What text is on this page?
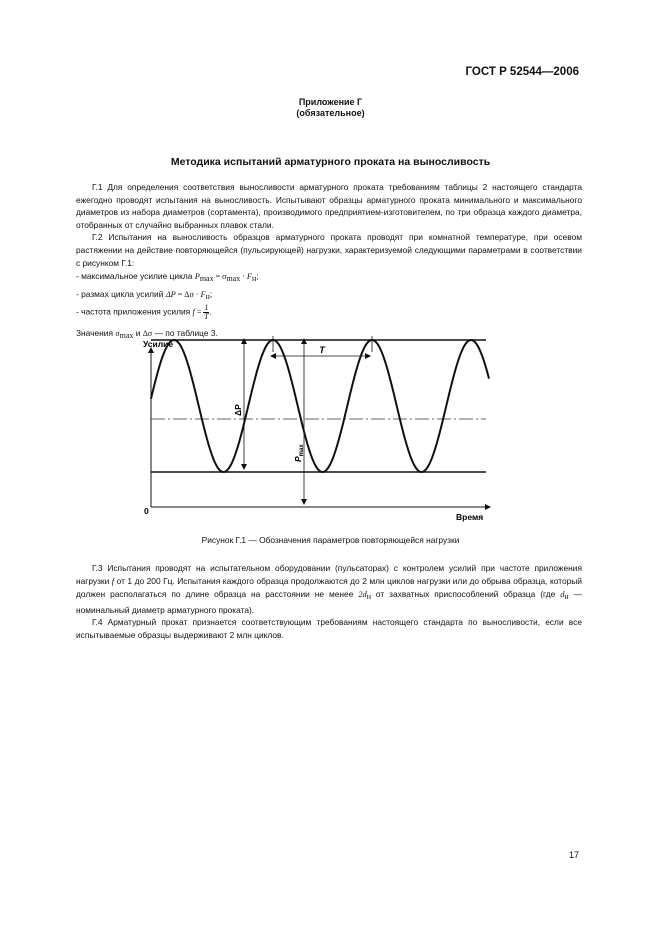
ГОСТ Р 52544—2006
Приложение Г
(обязательное)
Методика испытаний арматурного проката на выносливость

Г.1 Для определения соответствия выносливости арматурного проката требованиям таблицы 2 настоящего стандарта ежегодно проводят испытания на выносливость. Испытывают образцы арматурного проката минимального и максимального диаметров из набора диаметров (сортамента), производимого предприятием-изготовителем, по три образца каждого диаметра, отобранных от случайно выбранных плавок стали.

Г.2 Испытания на выносливость образцов арматурного проката проводят при комнатной температуре, при осевом растяжении на действие повторяющейся (пульсирующей) нагрузки, характеризуемой следующими параметрами в соответствии с рисунком Г.1:

- максимальное усилие цикла $P_{max} = \sigma_{max} \cdot F_н$;

- размах цикла усилий $\Delta P = \Delta\sigma \cdot F_н$;

- частота приложения усилия $f = \frac{1}{T}$ .

Значения $\sigma_{max}$ и Δσ — по таблице 3.

Усилие
Время
0
T
ΔP
$P_{max}$
Рисунок Г.1 — Обозначения параметров повторяющейся нагрузки

Г.3 Испытания проводят на испытательном оборудовании (пульсаторах) с контролем усилий при частоте приложения нагрузки f от 1 до 200 Гц. Испытания каждого образца продолжаются до 2 млн циклов нагрузки или до обрыва образца, который должен располагаться по длине образца на расстоянии не менее $2d_н$ от захватных приспособлений образца (где $d_н$ — номинальный диаметр арматурного проката).

Г.4 Арматурный прокат признается соответствующим требованиям настоящего стандарта по выносливости, если все испытываемые образцы выдерживают 2 млн циклов.

17
